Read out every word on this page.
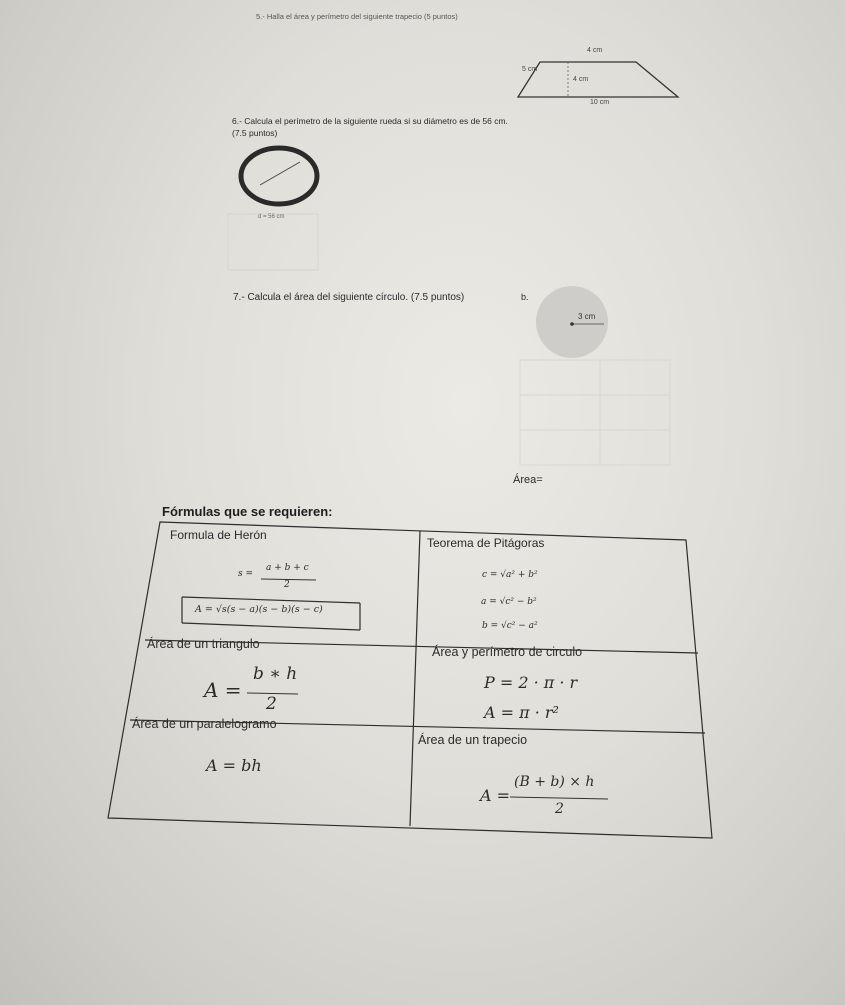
5.- Halla el área y perímetro del siguiente trapecio (5 puntos)
4 cm
5 cm
4 cm
10 cm
6.- Calcula el perímetro de la siguiente rueda si su diámetro es de 56 cm.
(7.5 puntos)
d = 56 cm
7.- Calcula el área del siguiente círculo. (7.5 puntos)	b.
3 cm
Área=
Fórmulas que se requieren:
Formula de Herón
s =
a + b + c
2
A = √s(s − a)(s − b)(s − c)
Teorema de Pitágoras
c = √a² + b²
a = √c² − b²
b = √c² − a²
Área de un triangulo
A =
b ∗ h
2
Área y perímetro de circulo
P = 2 · π · r
A = π · r²
Área de un paralelogramo
A = bh
Área de un trapecio
A =
(B + b) × h
2
